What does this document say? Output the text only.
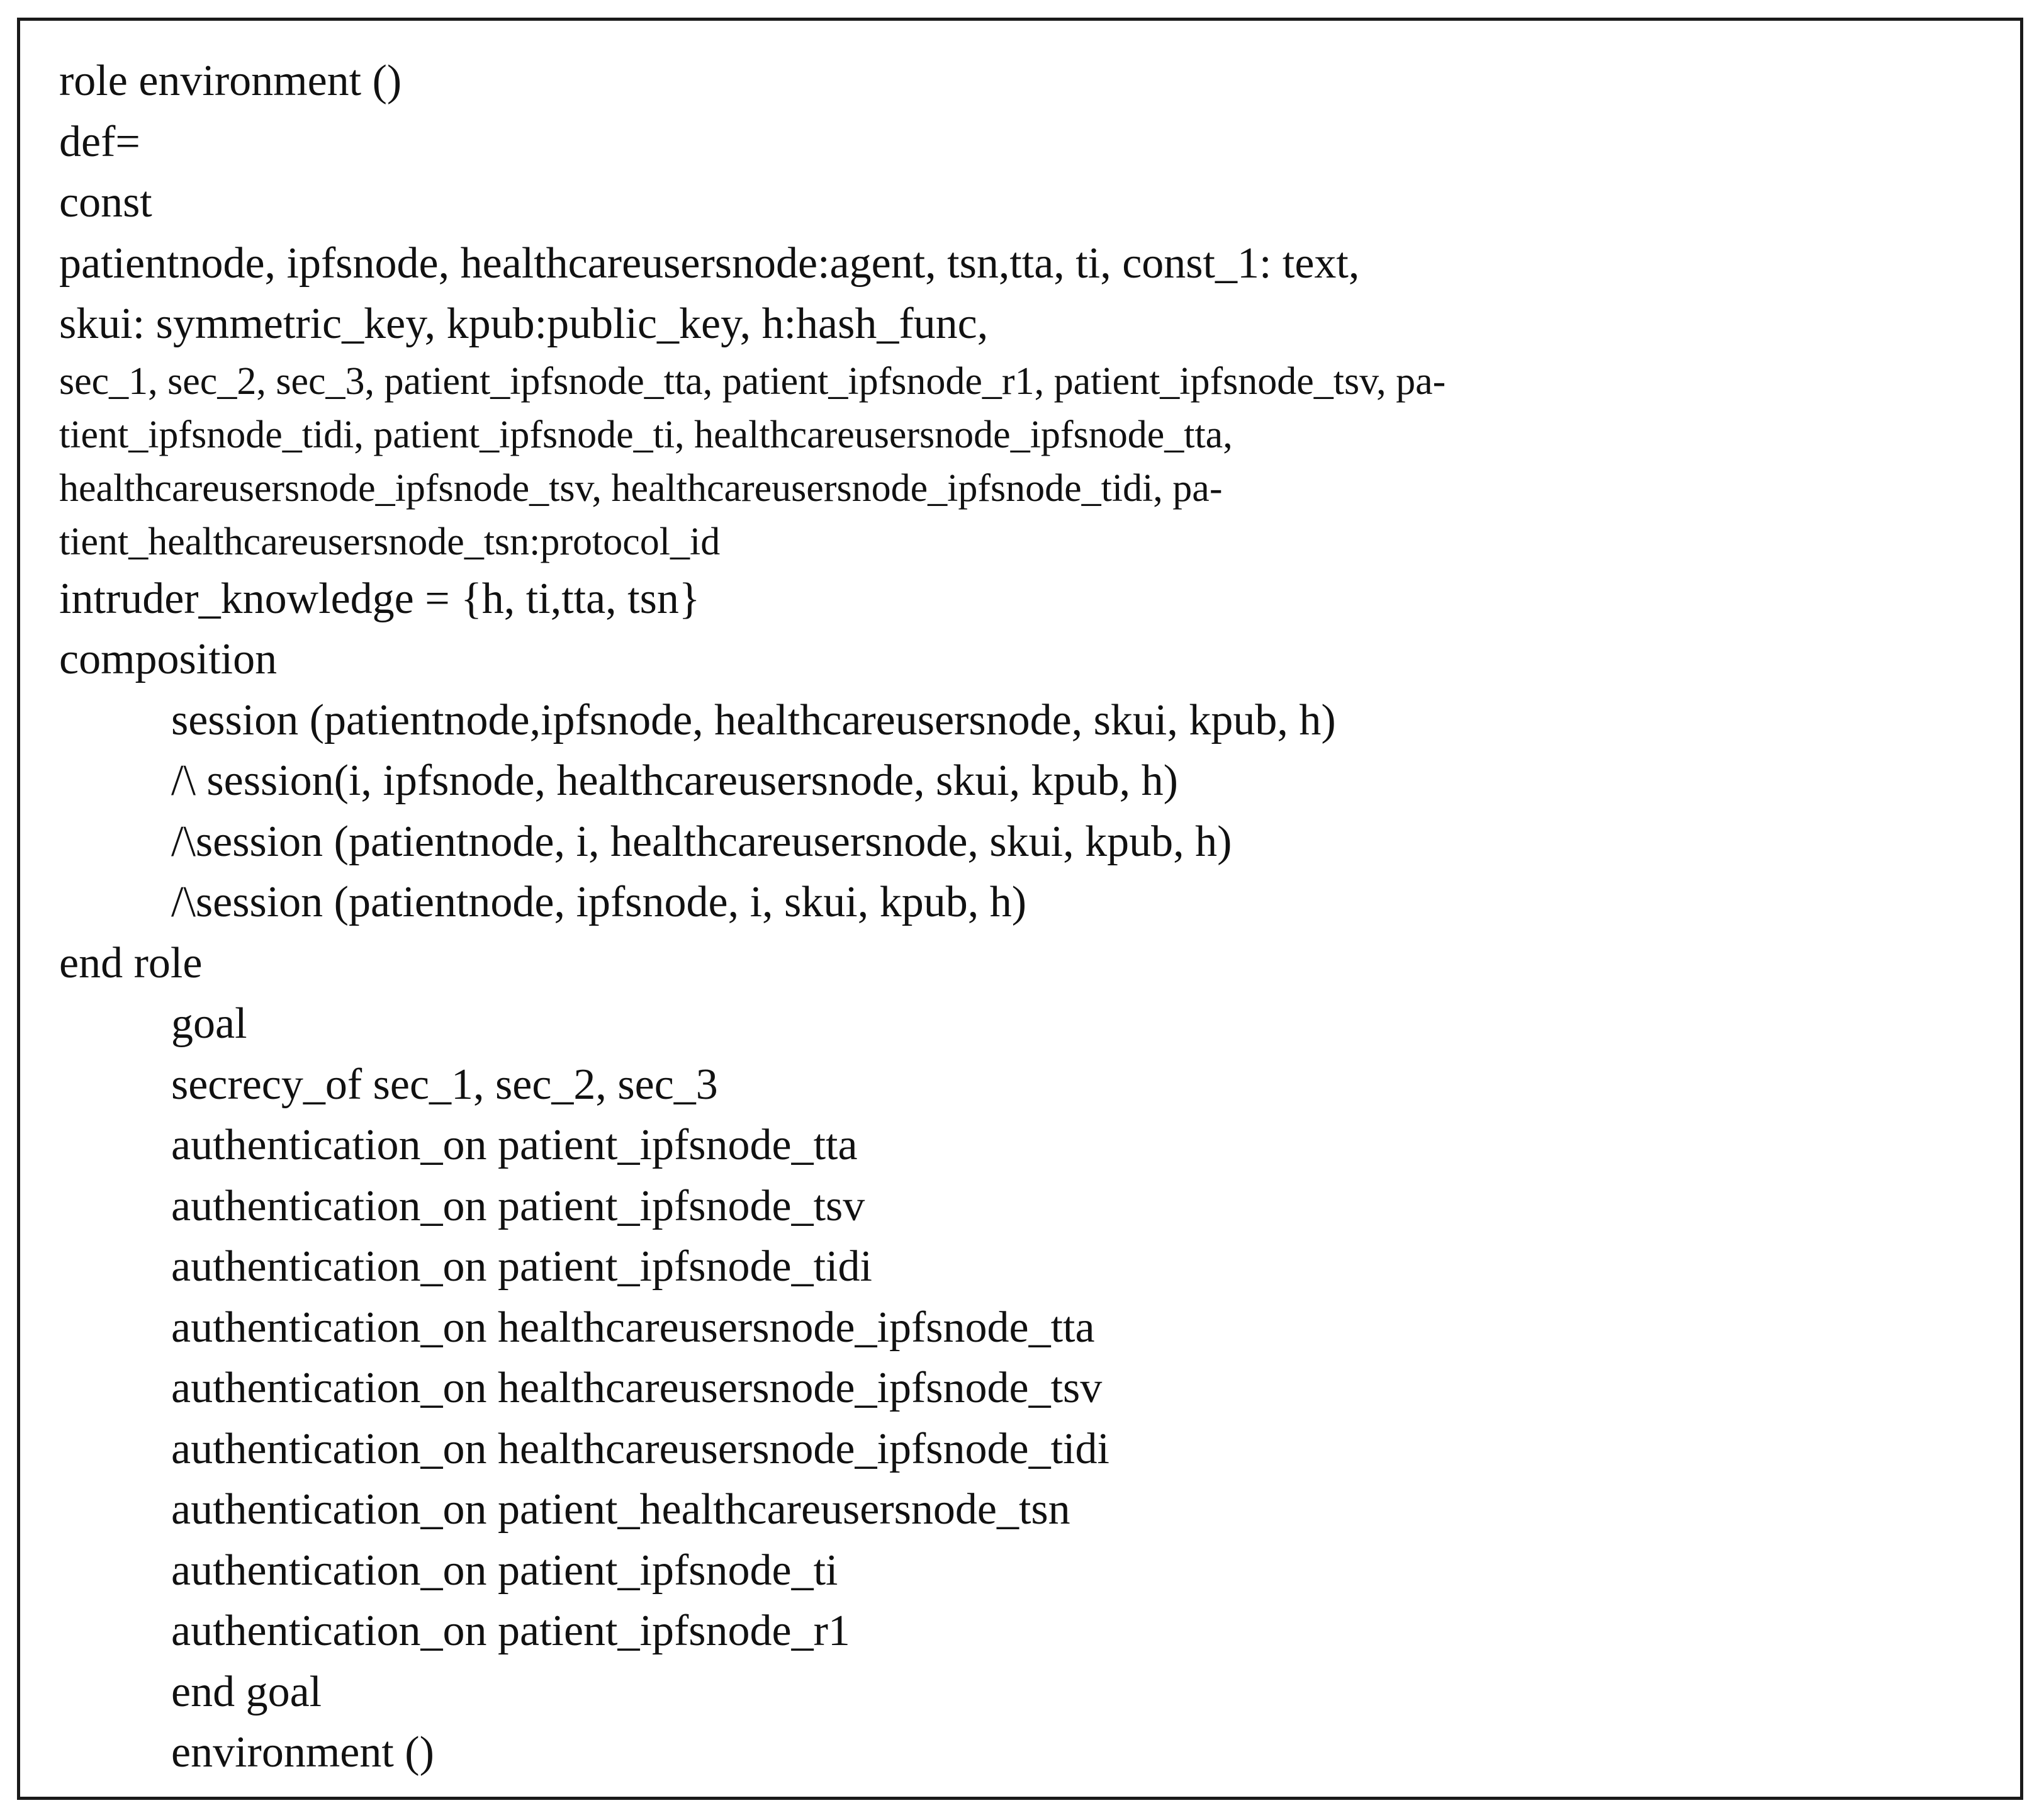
role environment ()
def=
const
patientnode, ipfsnode, healthcareusersnode:agent, tsn,tta, ti, const_1: text,
skui: symmetric_key, kpub:public_key, h:hash_func,
sec_1, sec_2, sec_3, patient_ipfsnode_tta, patient_ipfsnode_r1, patient_ipfsnode_tsv, pa-
tient_ipfsnode_tidi, patient_ipfsnode_ti, healthcareusersnode_ipfsnode_tta,
healthcareusersnode_ipfsnode_tsv, healthcareusersnode_ipfsnode_tidi, pa-
tient_healthcareusersnode_tsn:protocol_id
intruder_knowledge = {h, ti,tta, tsn}
composition
session (patientnode,ipfsnode, healthcareusersnode, skui, kpub, h)
/\ session(i, ipfsnode, healthcareusersnode, skui, kpub, h)
/\session (patientnode, i, healthcareusersnode, skui, kpub, h)
/\session (patientnode, ipfsnode, i, skui, kpub, h)
end role
goal
secrecy_of sec_1, sec_2, sec_3
authentication_on patient_ipfsnode_tta
authentication_on patient_ipfsnode_tsv
authentication_on patient_ipfsnode_tidi
authentication_on healthcareusersnode_ipfsnode_tta
authentication_on healthcareusersnode_ipfsnode_tsv
authentication_on healthcareusersnode_ipfsnode_tidi
authentication_on patient_healthcareusersnode_tsn
authentication_on patient_ipfsnode_ti
authentication_on patient_ipfsnode_r1
end goal
environment ()
